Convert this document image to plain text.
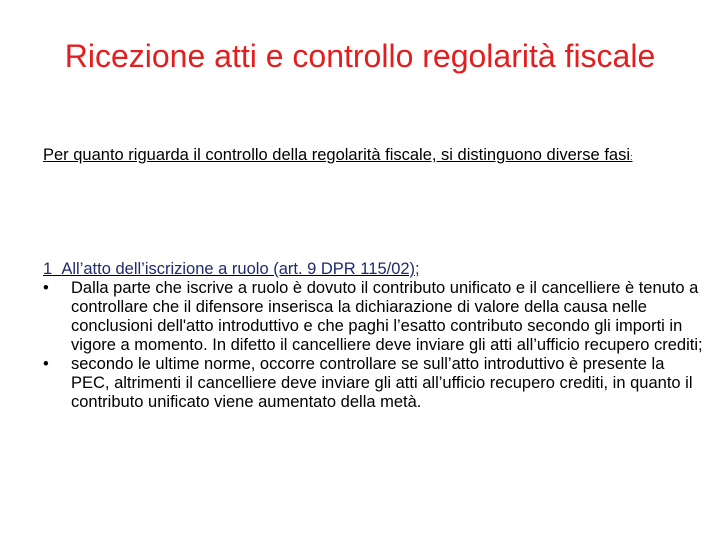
Ricezione atti e controllo regolarità fiscale
Per quanto riguarda il controllo della regolarità fiscale, si distinguono diverse fasi:
1 All’atto dell’iscrizione a ruolo (art. 9 DPR 115/02);
•	Dalla parte che iscrive a ruolo è dovuto il contributo unificato e il cancelliere è tenuto a controllare che il difensore inserisca la dichiarazione di valore della causa nelle conclusioni dell'atto introduttivo e che paghi l’esatto contributo secondo gli importi in vigore a momento. In difetto il cancelliere deve inviare gli atti all’ufficio recupero crediti;
•	secondo le ultime norme, occorre controllare se sull’atto introduttivo è presente la PEC, altrimenti il cancelliere deve inviare gli atti all’ufficio recupero crediti, in quanto il contributo unificato viene aumentato della metà.
